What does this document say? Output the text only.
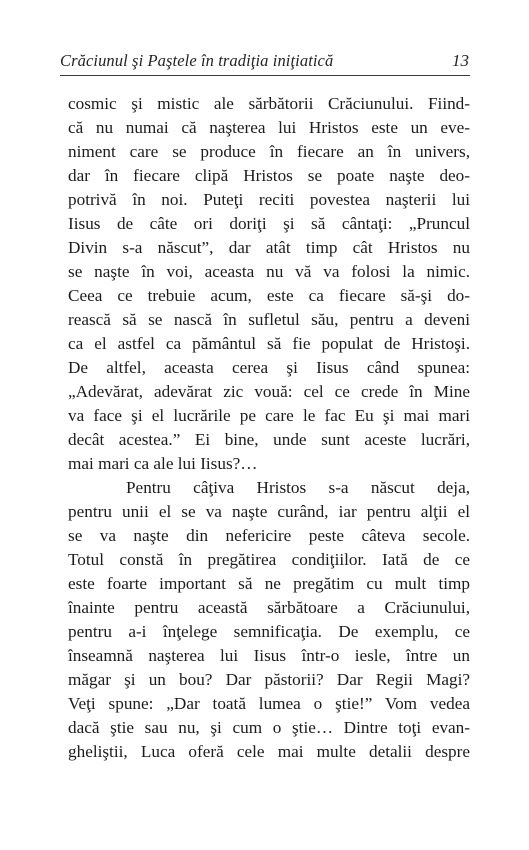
Crăciunul şi Paştele în tradiţia iniţiatică	13
cosmic şi mistic ale sărbătorii Crăciunului. Fiind-
că nu numai că naşterea lui Hristos este un eve-
niment care se produce în fiecare an în univers,
dar în fiecare clipă Hristos se poate naşte deo-
potrivă în noi. Puteţi reciti povestea naşterii lui
Iisus de câte ori doriţi şi să cântaţi: „Pruncul
Divin s-a născut”, dar atât timp cât Hristos nu
se naşte în voi, aceasta nu vă va folosi la nimic.
Ceea ce trebuie acum, este ca fiecare să-şi do-
rească să se nască în sufletul său, pentru a deveni
ca el astfel ca pământul să fie populat de Hristoşi.
De altfel, aceasta cerea şi Iisus când spunea:
„Adevărat, adevărat zic vouă: cel ce crede în Mine
va face şi el lucrările pe care le fac Eu şi mai mari
decât acestea.” Ei bine, unde sunt aceste lucrări,
mai mari ca ale lui Iisus?…
Pentru câţiva Hristos s-a născut deja,
pentru unii el se va naşte curând, iar pentru alţii el
se va naşte din nefericire peste câteva secole.
Totul constă în pregătirea condiţiilor. Iată de ce
este foarte important să ne pregătim cu mult timp
înainte pentru această sărbătoare a Crăciunului,
pentru a-i înţelege semnificaţia. De exemplu, ce
înseamnă naşterea lui Iisus într-o iesle, între un
măgar şi un bou? Dar păstorii? Dar Regii Magi?
Veţi spune: „Dar toată lumea o ştie!” Vom vedea
dacă ştie sau nu, şi cum o ştie… Dintre toţi evan-
gheliştii, Luca oferă cele mai multe detalii despre
